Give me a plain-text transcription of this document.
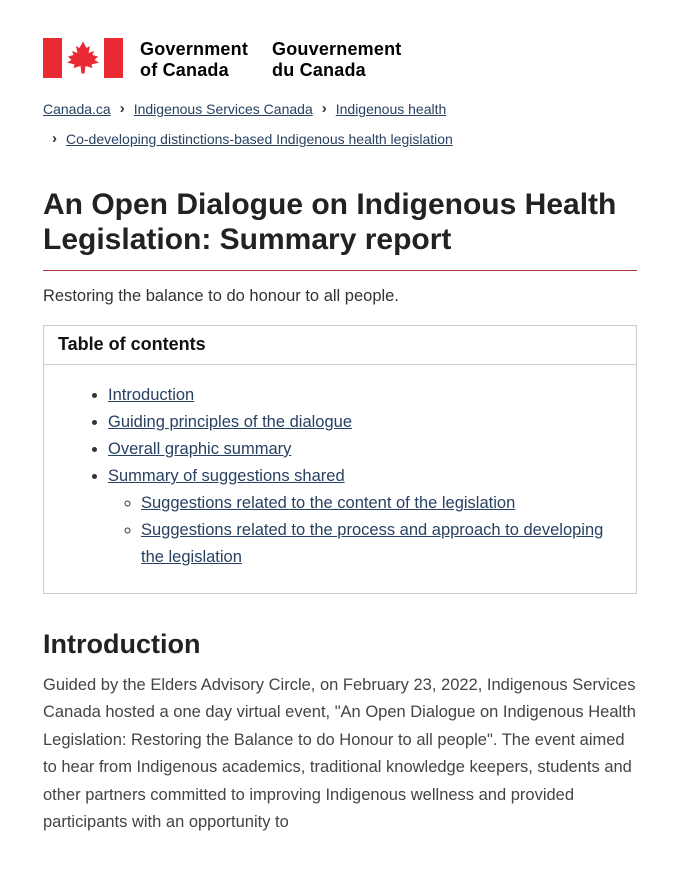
Government
of Canada
Gouvernement
du Canada
Canada.ca › Indigenous Services Canada › Indigenous health
› Co-developing distinctions-based Indigenous health legislation
An Open Dialogue on Indigenous Health Legislation: Summary report

Restoring the balance to do honour to all people.

Table of contents
• Introduction
• Guiding principles of the dialogue
• Overall graphic summary
• Summary of suggestions shared
◦ Suggestions related to the content of the legislation
◦ Suggestions related to the process and approach to developing the legislation
Introduction

Guided by the Elders Advisory Circle, on February 23, 2022, Indigenous Services Canada hosted a one day virtual event, "An Open Dialogue on Indigenous Health Legislation: Restoring the Balance to do Honour to all people". The event aimed to hear from Indigenous academics, traditional knowledge keepers, students and other partners committed to improving Indigenous wellness and provided participants with an opportunity to
